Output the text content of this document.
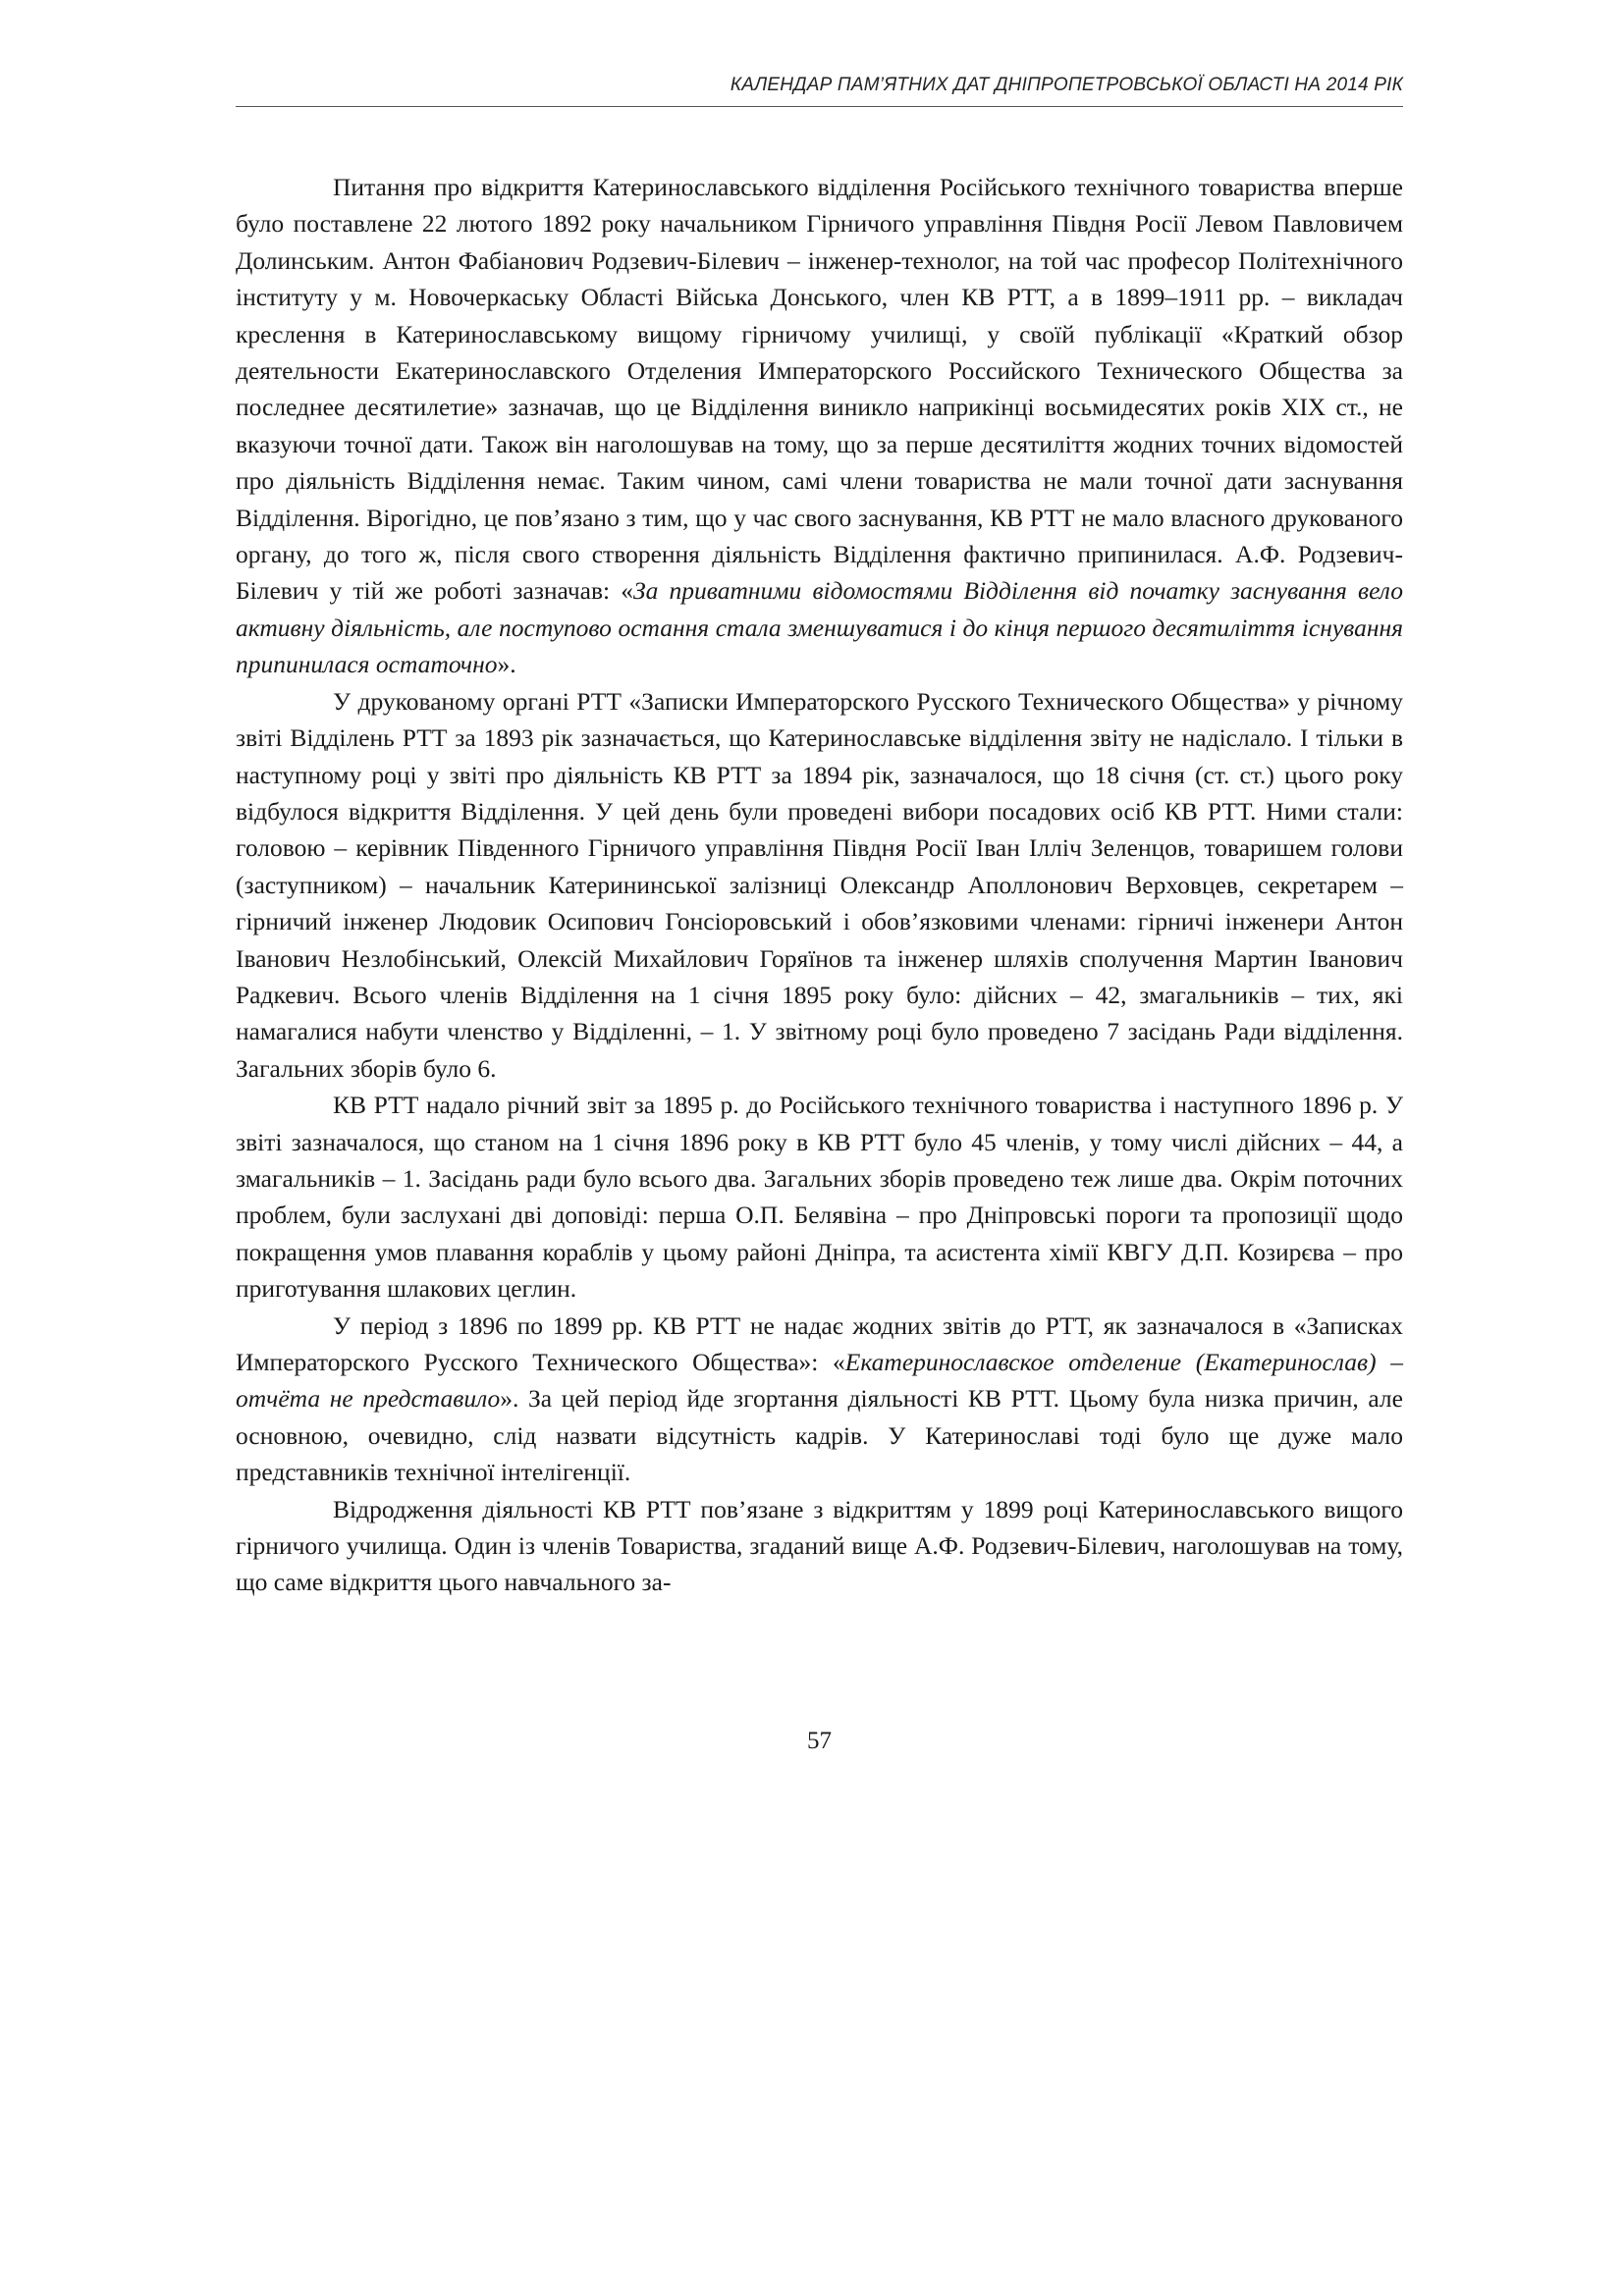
КАЛЕНДАР ПАМ’ЯТНИХ ДАТ ДНІПРОПЕТРОВСЬКОЇ ОБЛАСТІ НА 2014 РІК

Питання про відкриття Катеринославського відділення Російського технічного товариства вперше було поставлене 22 лютого 1892 року начальником Гірничого управління Півдня Росії Левом Павловичем Долинським. Антон Фабіанович Родзевич-Білевич – інженер-технолог, на той час професор Політехнічного інституту у м. Новочеркаську Області Війська Донського, член КВ РТТ, а в 1899–1911 рр. – викладач креслення в Катеринославському вищому гірничому училищі, у своїй публікації «Краткий обзор деятельности Екатеринославского Отделения Императорского Российского Технического Общества за последнее десятилетие» зазначав, що це Відділення виникло наприкінці восьмидесятих років XIX ст., не вказуючи точної дати. Також він наголошував на тому, що за перше десятиліття жодних точних відомостей про діяльність Відділення немає. Таким чином, самі члени товариства не мали точної дати заснування Відділення. Вірогідно, це пов’язано з тим, що у час свого заснування, КВ РТТ не мало власного друкованого органу, до того ж, після свого створення діяльність Відділення фактично припинилася. А.Ф. Родзевич-Білевич у тій же роботі зазначав: «За приватними відомостями Відділення від початку заснування вело активну діяльність, але поступово остання стала зменшуватися і до кінця першого десятиліття існування припинилася остаточно».

У друкованому органі РТТ «Записки Императорского Русского Технического Общества» у річному звіті Відділень РТТ за 1893 рік зазначається, що Катеринославське відділення звіту не надіслало. І тільки в наступному році у звіті про діяльність КВ РТТ за 1894 рік, зазначалося, що 18 січня (ст. ст.) цього року відбулося відкриття Відділення. У цей день були проведені вибори посадових осіб КВ РТТ. Ними стали: головою – керівник Південного Гірничого управління Півдня Росії Іван Ілліч Зеленцов, товаришем голови (заступником) – начальник Катерининської залізниці Олександр Аполлонович Верховцев, секретарем – гірничий інженер Людовик Осипович Гонсіоровський і обов’язковими членами: гірничі інженери Антон Іванович Незлобінський, Олексій Михайлович Горяїнов та інженер шляхів сполучення Мартин Іванович Радкевич. Всього членів Відділення на 1 січня 1895 року було: дійсних – 42, змагальників – тих, які намагалися набути членство у Відділенні, – 1. У звітному році було проведено 7 засідань Ради відділення. Загальних зборів було 6.

КВ РТТ надало річний звіт за 1895 р. до Російського технічного товариства і наступного 1896 р. У звіті зазначалося, що станом на 1 січня 1896 року в КВ РТТ було 45 членів, у тому числі дійсних – 44, а змагальників – 1. Засідань ради було всього два. Загальних зборів проведено теж лише два. Окрім поточних проблем, були заслухані дві доповіді: перша О.П. Белявіна – про Дніпровські пороги та пропозиції щодо покращення умов плавання кораблів у цьому районі Дніпра, та асистента хімії КВГУ Д.П. Козирєва – про приготування шлакових цеглин.

У період з 1896 по 1899 рр. КВ РТТ не надає жодних звітів до РТТ, як зазначалося в «Записках Императорского Русского Технического Общества»: «Екатеринославское отделение (Екатеринослав) – отчёта не представило». За цей період йде згортання діяльності КВ РТТ. Цьому була низка причин, але основною, очевидно, слід назвати відсутність кадрів. У Катеринославі тоді було ще дуже мало представників технічної інтелігенції.

Відродження діяльності КВ РТТ пов’язане з відкриттям у 1899 році Катеринославського вищого гірничого училища. Один із членів Товариства, згаданий вище А.Ф. Родзевич-Білевич, наголошував на тому, що саме відкриття цього навчального за-

57
